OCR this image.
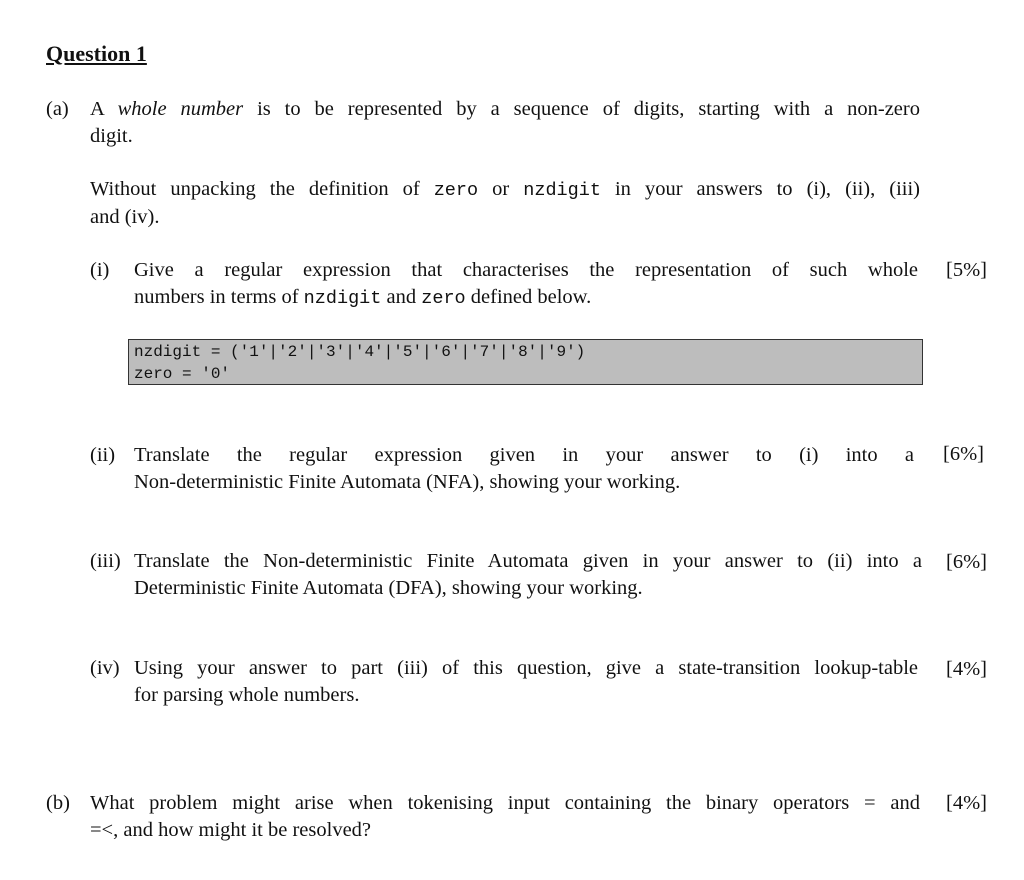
Question 1
(a) A whole number is to be represented by a sequence of digits, starting with a non-zero
digit.
Without unpacking the definition of zero or nzdigit in your answers to (i), (ii), (iii)
and (iv).
(i) Give a regular expression that characterises the representation of such whole
numbers in terms of nzdigit and zero defined below.
[5%]
nzdigit = ('1'|'2'|'3'|'4'|'5'|'6'|'7'|'8'|'9')
zero = '0'
(ii) Translate the regular expression given in your answer to (i) into a
Non-deterministic Finite Automata (NFA), showing your working.
[6%]
(iii) Translate the Non-deterministic Finite Automata given in your answer to (ii) into a
Deterministic Finite Automata (DFA), showing your working.
[6%]
(iv) Using your answer to part (iii) of this question, give a state-transition lookup-table
for parsing whole numbers.
[4%]
(b) What problem might arise when tokenising input containing the binary operators = and
=<, and how might it be resolved?
[4%]
